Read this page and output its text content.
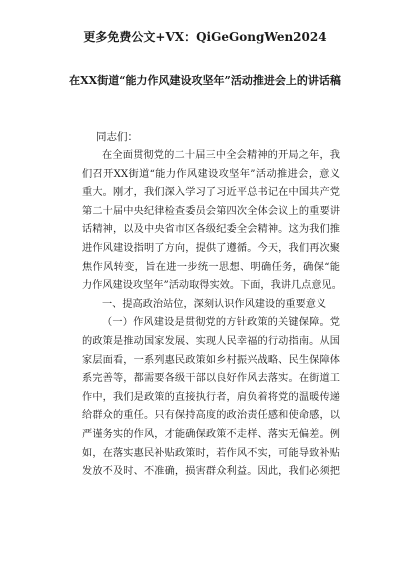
更多免费公文+VX：QiGeGongWen2024
在XX街道“能力作风建设攻坚年”活动推进会上的讲话稿
同志们：
在全面贯彻党的二十届三中全会精神的开局之年，我
们召开XX街道“能力作风建设攻坚年”活动推进会，意义
重大。刚才，我们深入学习了习近平总书记在中国共产党
第二十届中央纪律检查委员会第四次全体会议上的重要讲
话精神，以及中央省市区各级纪委全会精神。这为我们推
进作风建设指明了方向，提供了遵循。今天，我们再次聚
焦作风转变，旨在进一步统一思想、明确任务，确保“能
力作风建设攻坚年”活动取得实效。下面，我讲几点意见。
一、提高政治站位，深刻认识作风建设的重要意义
（一）作风建设是贯彻党的方针政策的关键保障。党
的政策是推动国家发展、实现人民幸福的行动指南。从国
家层面看，一系列惠民政策如乡村振兴战略、民生保障体
系完善等，都需要各级干部以良好作风去落实。在街道工
作中，我们是政策的直接执行者，肩负着将党的温暖传递
给群众的重任。只有保持高度的政治责任感和使命感，以
严谨务实的作风，才能确保政策不走样、落实无偏差。例
如，在落实惠民补贴政策时，若作风不实，可能导致补贴
发放不及时、不准确，损害群众利益。因此，我们必须把
